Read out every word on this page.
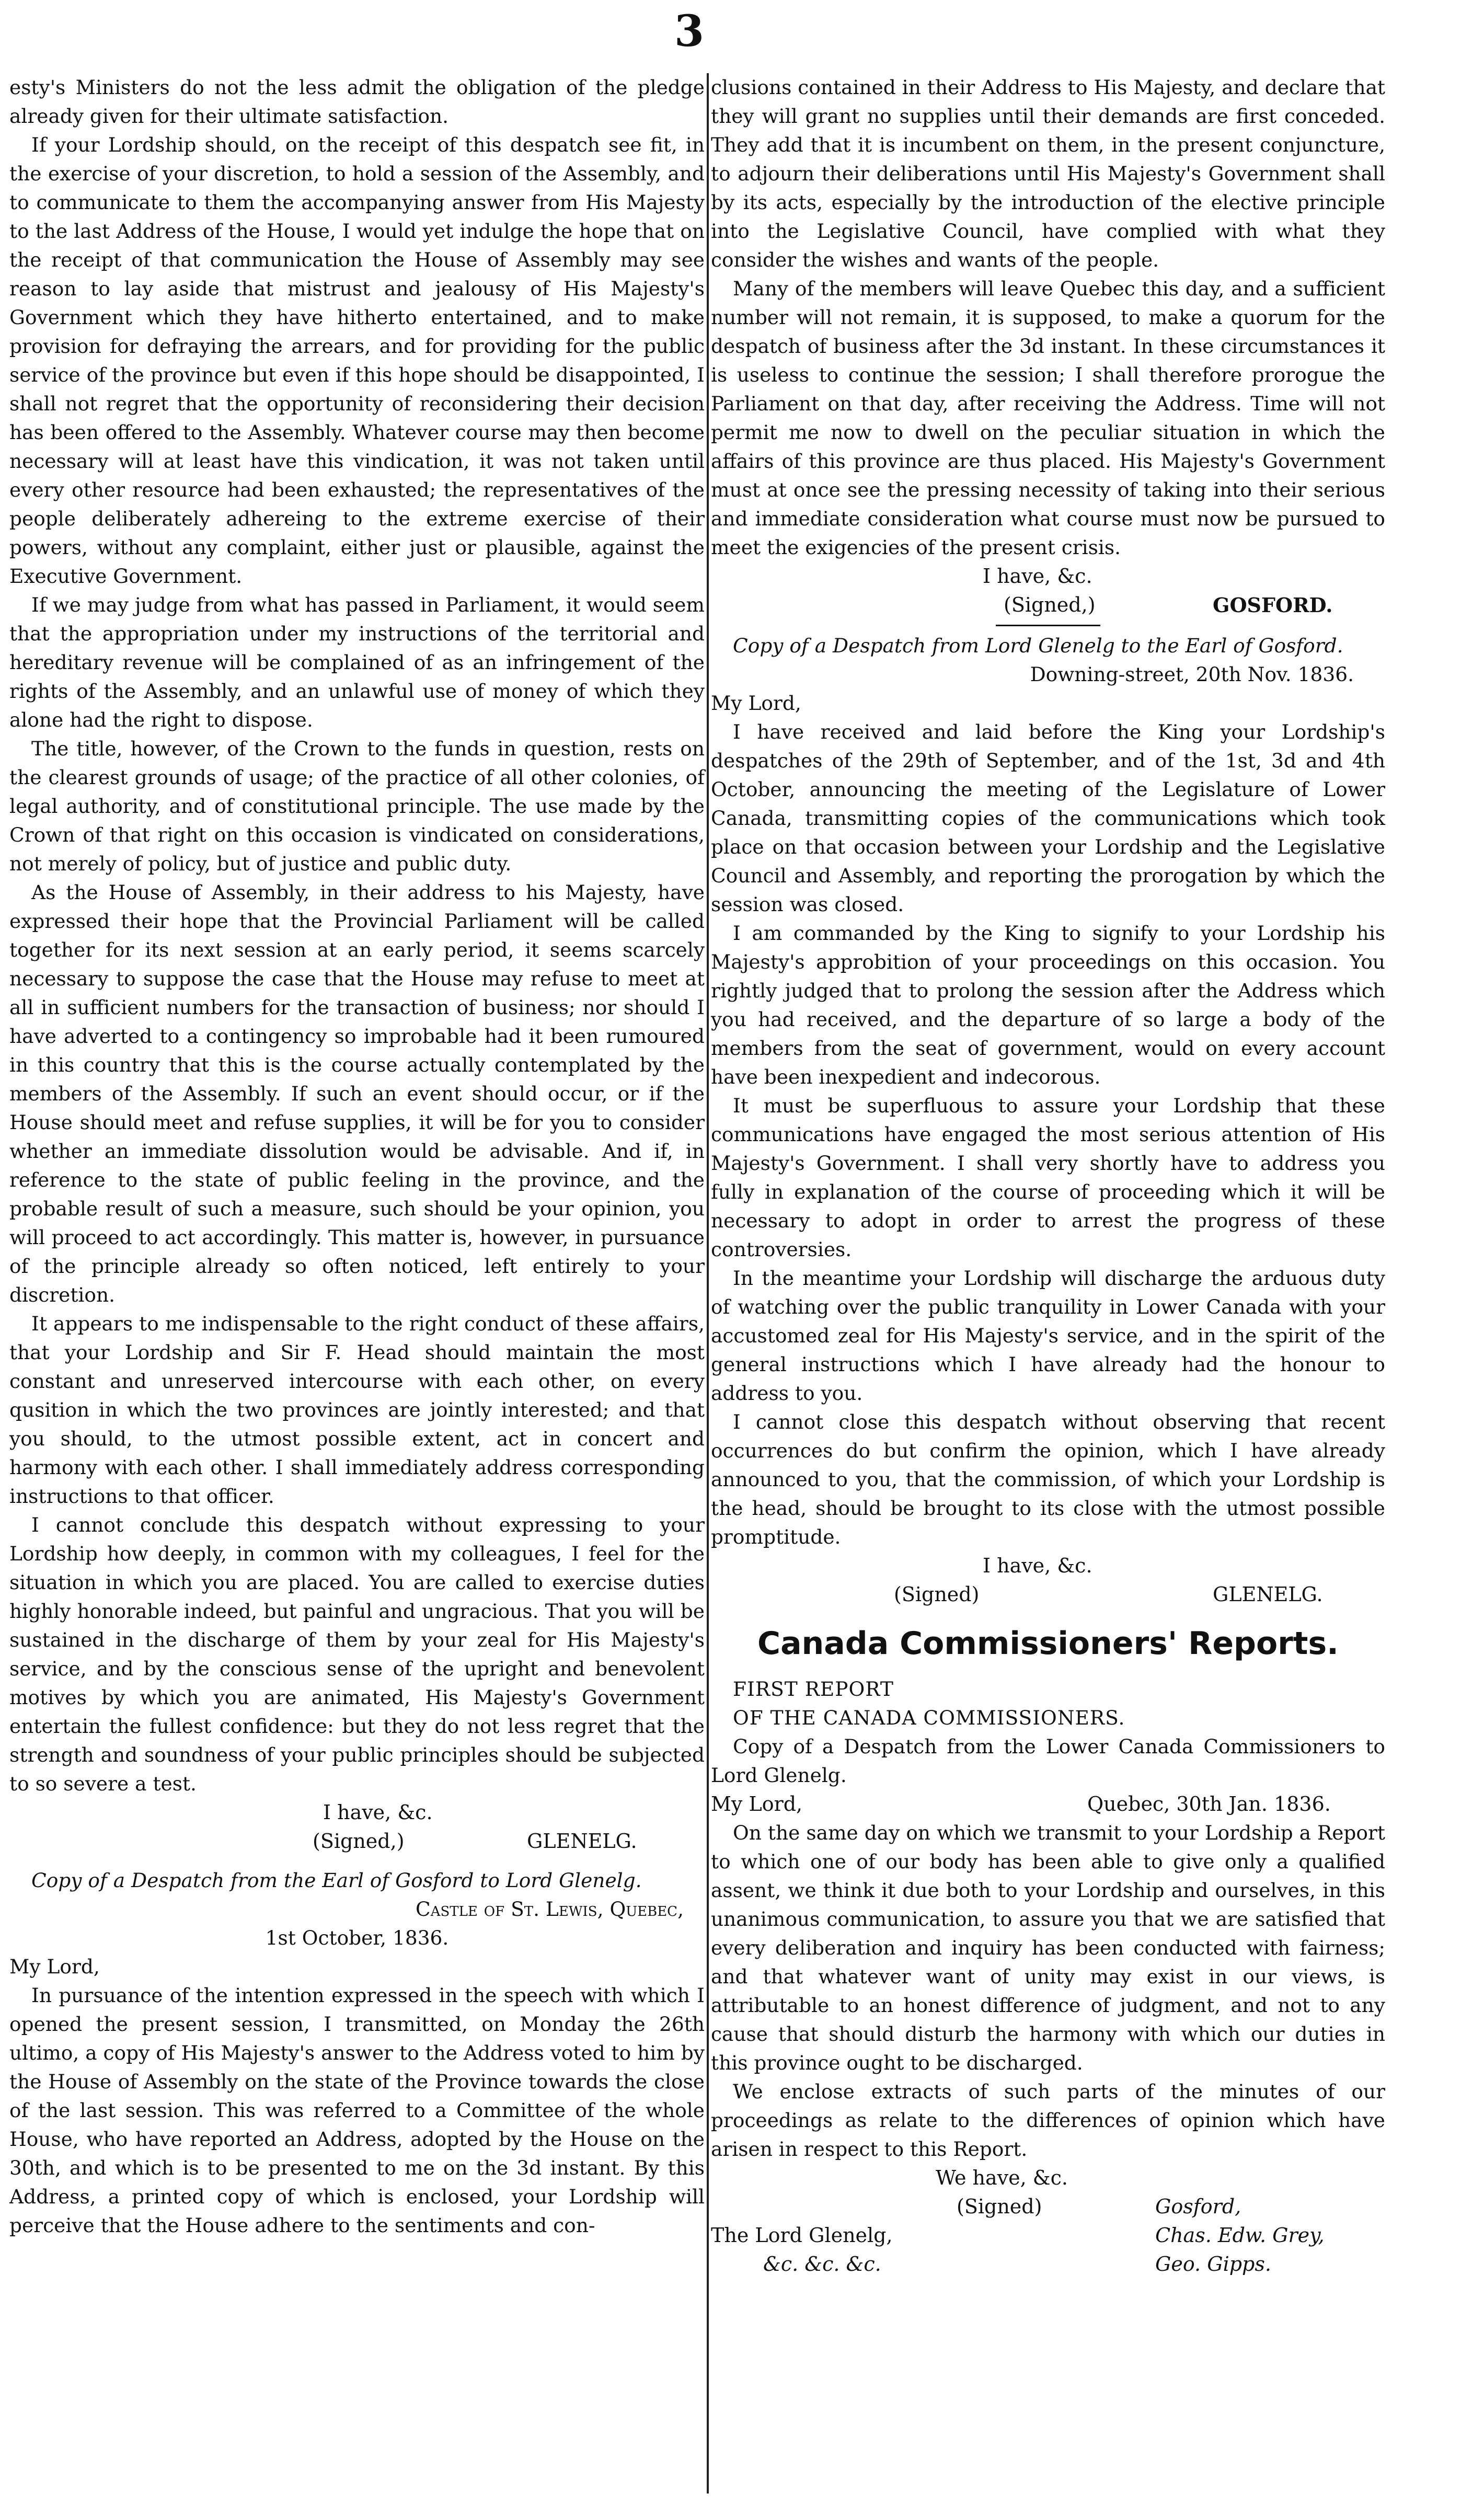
3

esty's Ministers do not the less admit the obligation of the pledge already given for their ultimate satisfaction.

If your Lordship should, on the receipt of this despatch see fit, in the exercise of your discretion, to hold a session of the Assembly, and to communicate to them the accompanying answer from His Majesty to the last Address of the House, I would yet indulge the hope that on the receipt of that communication the House of Assembly may see reason to lay aside that mistrust and jealousy of His Majesty's Government which they have hitherto entertained, and to make provision for defraying the arrears, and for providing for the public service of the province but even if this hope should be disappointed, I shall not regret that the opportunity of reconsidering their decision has been offered to the Assembly. Whatever course may then become necessary will at least have this vindication, it was not taken until every other resource had been exhausted; the representatives of the people deliberately adhereing to the extreme exercise of their powers, without any complaint, either just or plausible, against the Executive Government.

If we may judge from what has passed in Parliament, it would seem that the appropriation under my instructions of the territorial and hereditary revenue will be complained of as an infringement of the rights of the Assembly, and an unlawful use of money of which they alone had the right to dispose.

The title, however, of the Crown to the funds in question, rests on the clearest grounds of usage; of the practice of all other colonies, of legal authority, and of constitutional principle. The use made by the Crown of that right on this occasion is vindicated on considerations, not merely of policy, but of justice and public duty.

As the House of Assembly, in their address to his Majesty, have expressed their hope that the Provincial Parliament will be called together for its next session at an early period, it seems scarcely necessary to suppose the case that the House may refuse to meet at all in sufficient numbers for the transaction of business; nor should I have adverted to a contingency so improbable had it been rumoured in this country that this is the course actually contemplated by the members of the Assembly. If such an event should occur, or if the House should meet and refuse supplies, it will be for you to consider whether an immediate dissolution would be advisable. And if, in reference to the state of public feeling in the province, and the probable result of such a measure, such should be your opinion, you will proceed to act accordingly. This matter is, however, in pursuance of the principle already so often noticed, left entirely to your discretion.

It appears to me indispensable to the right conduct of these affairs, that your Lordship and Sir F. Head should maintain the most constant and unreserved intercourse with each other, on every qusition in which the two provinces are jointly interested; and that you should, to the utmost possible extent, act in concert and harmony with each other. I shall immediately address corresponding instructions to that officer.

I cannot conclude this despatch without expressing to your Lordship how deeply, in common with my colleagues, I feel for the situation in which you are placed. You are called to exercise duties highly honorable indeed, but painful and ungracious. That you will be sustained in the discharge of them by your zeal for His Majesty's service, and by the conscious sense of the upright and benevolent motives by which you are animated, His Majesty's Government entertain the fullest confidence: but they do not less regret that the strength and soundness of your public principles should be subjected to so severe a test.

I have, &c.
(Signed,)	GLENELG.

Copy of a Despatch from the Earl of Gosford to Lord Glenelg.

Castle of St. Lewis, Quebec,

1st October, 1836.

My Lord,

In pursuance of the intention expressed in the speech with which I opened the present session, I transmitted, on Monday the 26th ultimo, a copy of His Majesty's answer to the Address voted to him by the House of Assembly on the state of the Province towards the close of the last session. This was referred to a Committee of the whole House, who have reported an Address, adopted by the House on the 30th, and which is to be presented to me on the 3d instant. By this Address, a printed copy of which is enclosed, your Lordship will perceive that the House adhere to the sentiments and con-

clusions contained in their Address to His Majesty, and declare that they will grant no supplies until their demands are first conceded. They add that it is incumbent on them, in the present conjuncture, to adjourn their deliberations until His Majesty's Government shall by its acts, especially by the introduction of the elective principle into the Legislative Council, have complied with what they consider the wishes and wants of the people.

Many of the members will leave Quebec this day, and a sufficient number will not remain, it is supposed, to make a quorum for the despatch of business after the 3d instant. In these circumstances it is useless to continue the session; I shall therefore prorogue the Parliament on that day, after receiving the Address. Time will not permit me now to dwell on the peculiar situation in which the affairs of this province are thus placed. His Majesty's Government must at once see the pressing necessity of taking into their serious and immediate consideration what course must now be pursued to meet the exigencies of the present crisis.

I have, &c.
(Signed,)	GOSFORD.

Copy of a Despatch from Lord Glenelg to the Earl of Gosford.

Downing-street, 20th Nov. 1836.

My Lord,

I have received and laid before the King your Lordship's despatches of the 29th of September, and of the 1st, 3d and 4th October, announcing the meeting of the Legislature of Lower Canada, transmitting copies of the communications which took place on that occasion between your Lordship and the Legislative Council and Assembly, and reporting the prorogation by which the session was closed.

I am commanded by the King to signify to your Lordship his Majesty's approbition of your proceedings on this occasion. You rightly judged that to prolong the session after the Address which you had received, and the departure of so large a body of the members from the seat of government, would on every account have been inexpedient and indecorous.

It must be superfluous to assure your Lordship that these communications have engaged the most serious attention of His Majesty's Government. I shall very shortly have to address you fully in explanation of the course of proceeding which it will be necessary to adopt in order to arrest the progress of these controversies.

In the meantime your Lordship will discharge the arduous duty of watching over the public tranquility in Lower Canada with your accustomed zeal for His Majesty's service, and in the spirit of the general instructions which I have already had the honour to address to you.

I cannot close this despatch without observing that recent occurrences do but confirm the opinion, which I have already announced to you, that the commission, of which your Lordship is the head, should be brought to its close with the utmost possible promptitude.

I have, &c.
(Signed)	GLENELG.
Canada Commissioners' Reports.

FIRST REPORT

OF THE CANADA COMMISSIONERS.

Copy of a Despatch from the Lower Canada Commissioners to Lord Glenelg.

My Lord,	Quebec, 30th Jan. 1836.

On the same day on which we transmit to your Lordship a Report to which one of our body has been able to give only a qualified assent, we think it due both to your Lordship and ourselves, in this unanimous communication, to assure you that we are satisfied that every deliberation and inquiry has been conducted with fairness; and that whatever want of unity may exist in our views, is attributable to an honest difference of judgment, and not to any cause that should disturb the harmony with which our duties in this province ought to be discharged.

We enclose extracts of such parts of the minutes of our proceedings as relate to the differences of opinion which have arisen in respect to this Report.

We have, &c.
(Signed)	Gosford,
The Lord Glenelg,	Chas. Edw. Grey,
&c. &c. &c.	Geo. Gipps.
